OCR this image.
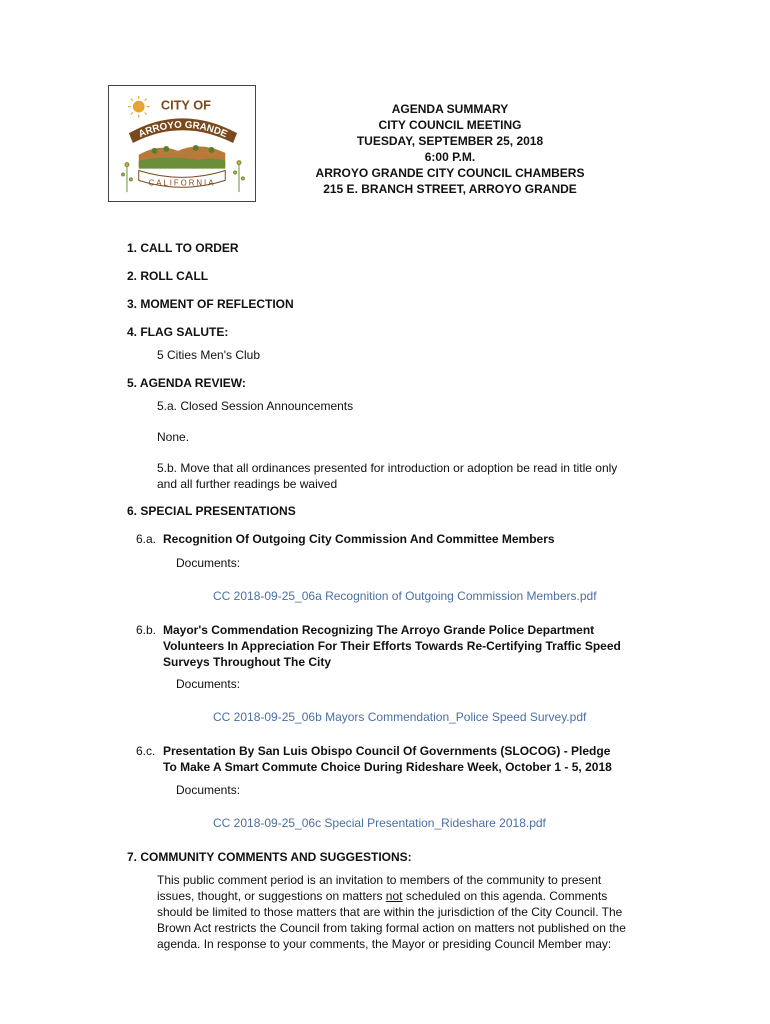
CITY OF
ARROYO GRANDE
CALIFORNIA
AGENDA SUMMARY
CITY COUNCIL MEETING
TUESDAY, SEPTEMBER 25, 2018
6:00 P.M.
ARROYO GRANDE CITY COUNCIL CHAMBERS
215 E. BRANCH STREET, ARROYO GRANDE
1. CALL TO ORDER
2. ROLL CALL
3. MOMENT OF REFLECTION
4. FLAG SALUTE:
5 Cities Men's Club
5. AGENDA REVIEW:
5.a. Closed Session Announcements
None.
5.b. Move that all ordinances presented for introduction or adoption be read in title only
and all further readings be waived
6. SPECIAL PRESENTATIONS
6.a. Recognition Of Outgoing City Commission And Committee Members
Documents:
CC 2018-09-25_06a Recognition of Outgoing Commission Members.pdf
6.b. Mayor's Commendation Recognizing The Arroyo Grande Police Department
Volunteers In Appreciation For Their Efforts Towards Re-Certifying Traffic Speed
Surveys Throughout The City
Documents:
CC 2018-09-25_06b Mayors Commendation_Police Speed Survey.pdf
6.c. Presentation By San Luis Obispo Council Of Governments (SLOCOG) - Pledge
To Make A Smart Commute Choice During Rideshare Week, October 1 - 5, 2018
Documents:
CC 2018-09-25_06c Special Presentation_Rideshare 2018.pdf
7. COMMUNITY COMMENTS AND SUGGESTIONS:
This public comment period is an invitation to members of the community to present
issues, thought, or suggestions on matters not scheduled on this agenda. Comments
should be limited to those matters that are within the jurisdiction of the City Council. The
Brown Act restricts the Council from taking formal action on matters not published on the
agenda. In response to your comments, the Mayor or presiding Council Member may:
